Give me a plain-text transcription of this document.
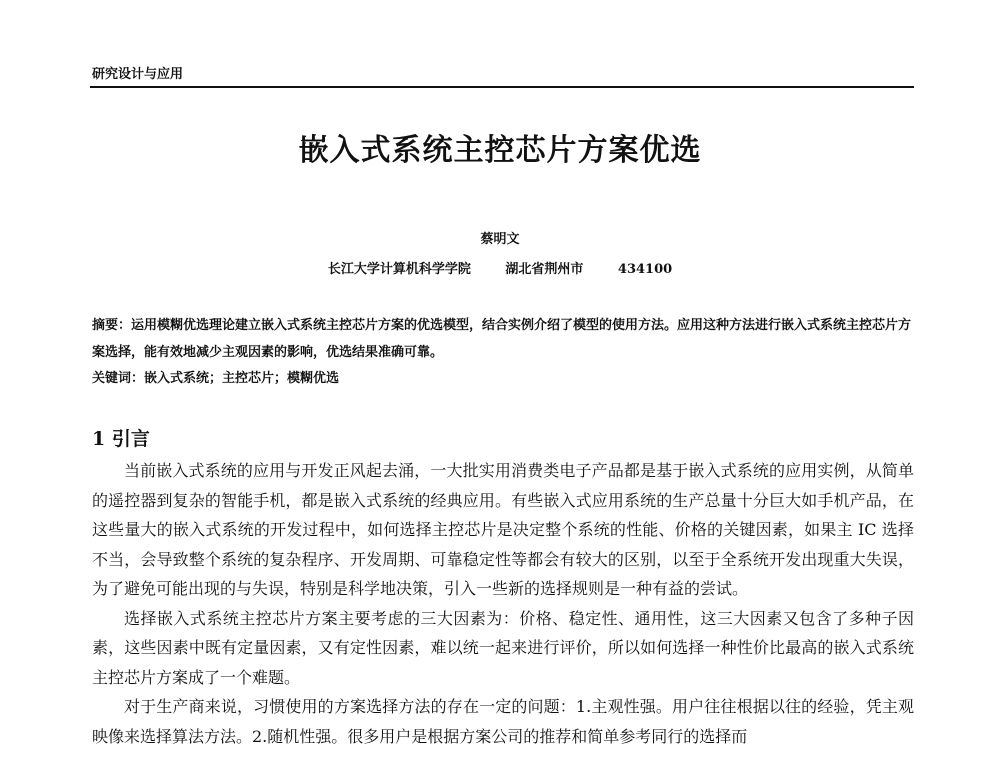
研究设计与应用
嵌入式系统主控芯片方案优选
蔡明文
长江大学计算机科学学院	湖北省荆州市	434100
摘要：运用模糊优选理论建立嵌入式系统主控芯片方案的优选模型，结合实例介绍了模型的使用方法。应用这种方法进行嵌入式系统主控芯片方案选择，能有效地减少主观因素的影响，优选结果准确可靠。
关键词：嵌入式系统；主控芯片；模糊优选
1 引言

当前嵌入式系统的应用与开发正风起去涌，一大批实用消费类电子产品都是基于嵌入式系统的应用实例，从简单的遥控器到复杂的智能手机，都是嵌入式系统的经典应用。有些嵌入式应用系统的生产总量十分巨大如手机产品，在这些量大的嵌入式系统的开发过程中，如何选择主控芯片是决定整个系统的性能、价格的关键因素，如果主 IC 选择不当，会导致整个系统的复杂程序、开发周期、可靠稳定性等都会有较大的区别，以至于全系统开发出现重大失误，为了避免可能出现的与失误，特别是科学地决策，引入一些新的选择规则是一种有益的尝试。

选择嵌入式系统主控芯片方案主要考虑的三大因素为：价格、稳定性、通用性，这三大因素又包含了多种子因素，这些因素中既有定量因素，又有定性因素，难以统一起来进行评价，所以如何选择一种性价比最高的嵌入式系统主控芯片方案成了一个难题。

对于生产商来说，习惯使用的方案选择方法的存在一定的问题：1.主观性强。用户往往根据以往的经验，凭主观映像来选择算法方法。2.随机性强。很多用户是根据方案公司的推荐和简单参考同行的选择而
